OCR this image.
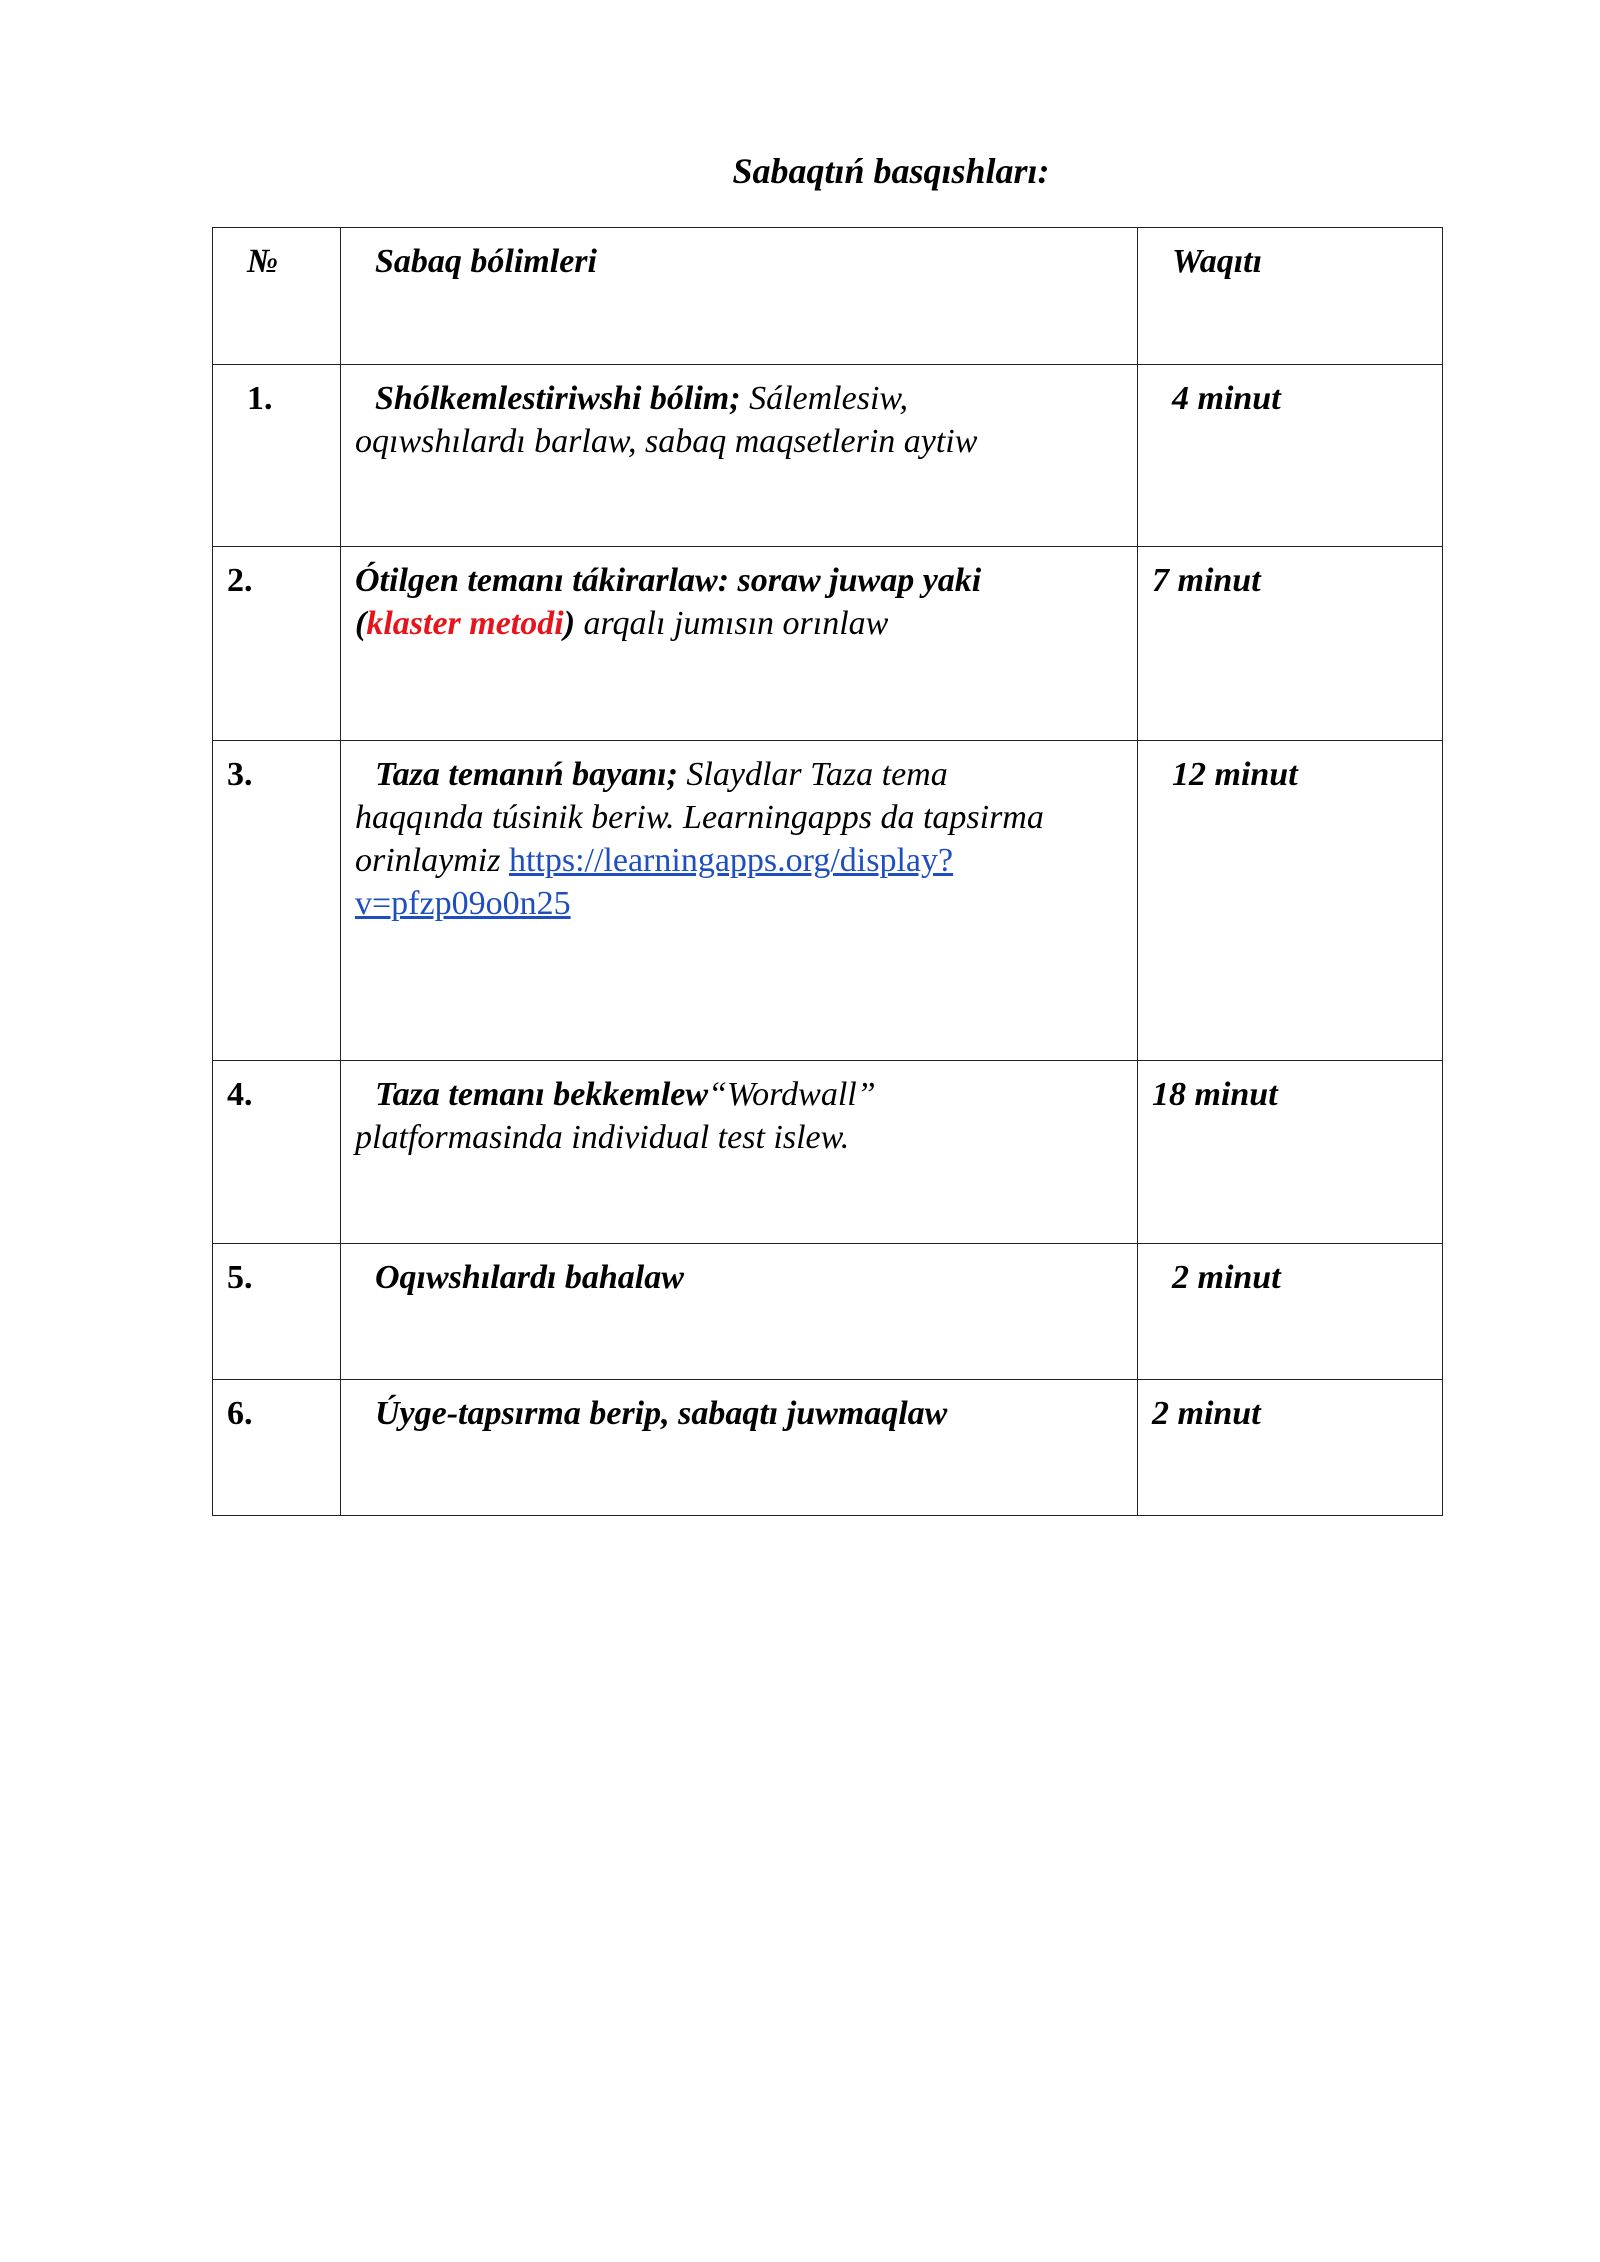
Sabaqtıń basqıshları:
№	Sabaq bólimleri	Waqıtı

1.	Shólkemlestiriwshi bólim; Sálemlesiw,
oqıwshılardı barlaw, sabaq maqsetlerin aytiw	4 minut

2.	Ótilgen temanı tákirarlaw: soraw juwap yaki
(klaster metodi) arqalı jumısın orınlaw	7 minut

3.	Taza temanıń bayanı; Slaydlar Taza tema
haqqında túsinik beriw. Learningapps da tapsirma
orinlaymiz https://learningapps.org/display?
v=pfzp09o0n25	12 minut

4.	Taza temanı bekkemlew“Wordwall”
platformasinda individual test islew.	18 minut

5.	Oqıwshılardı bahalaw	2 minut

6.	Úyge-tapsırma berip, sabaqtı juwmaqlaw	2 minut
